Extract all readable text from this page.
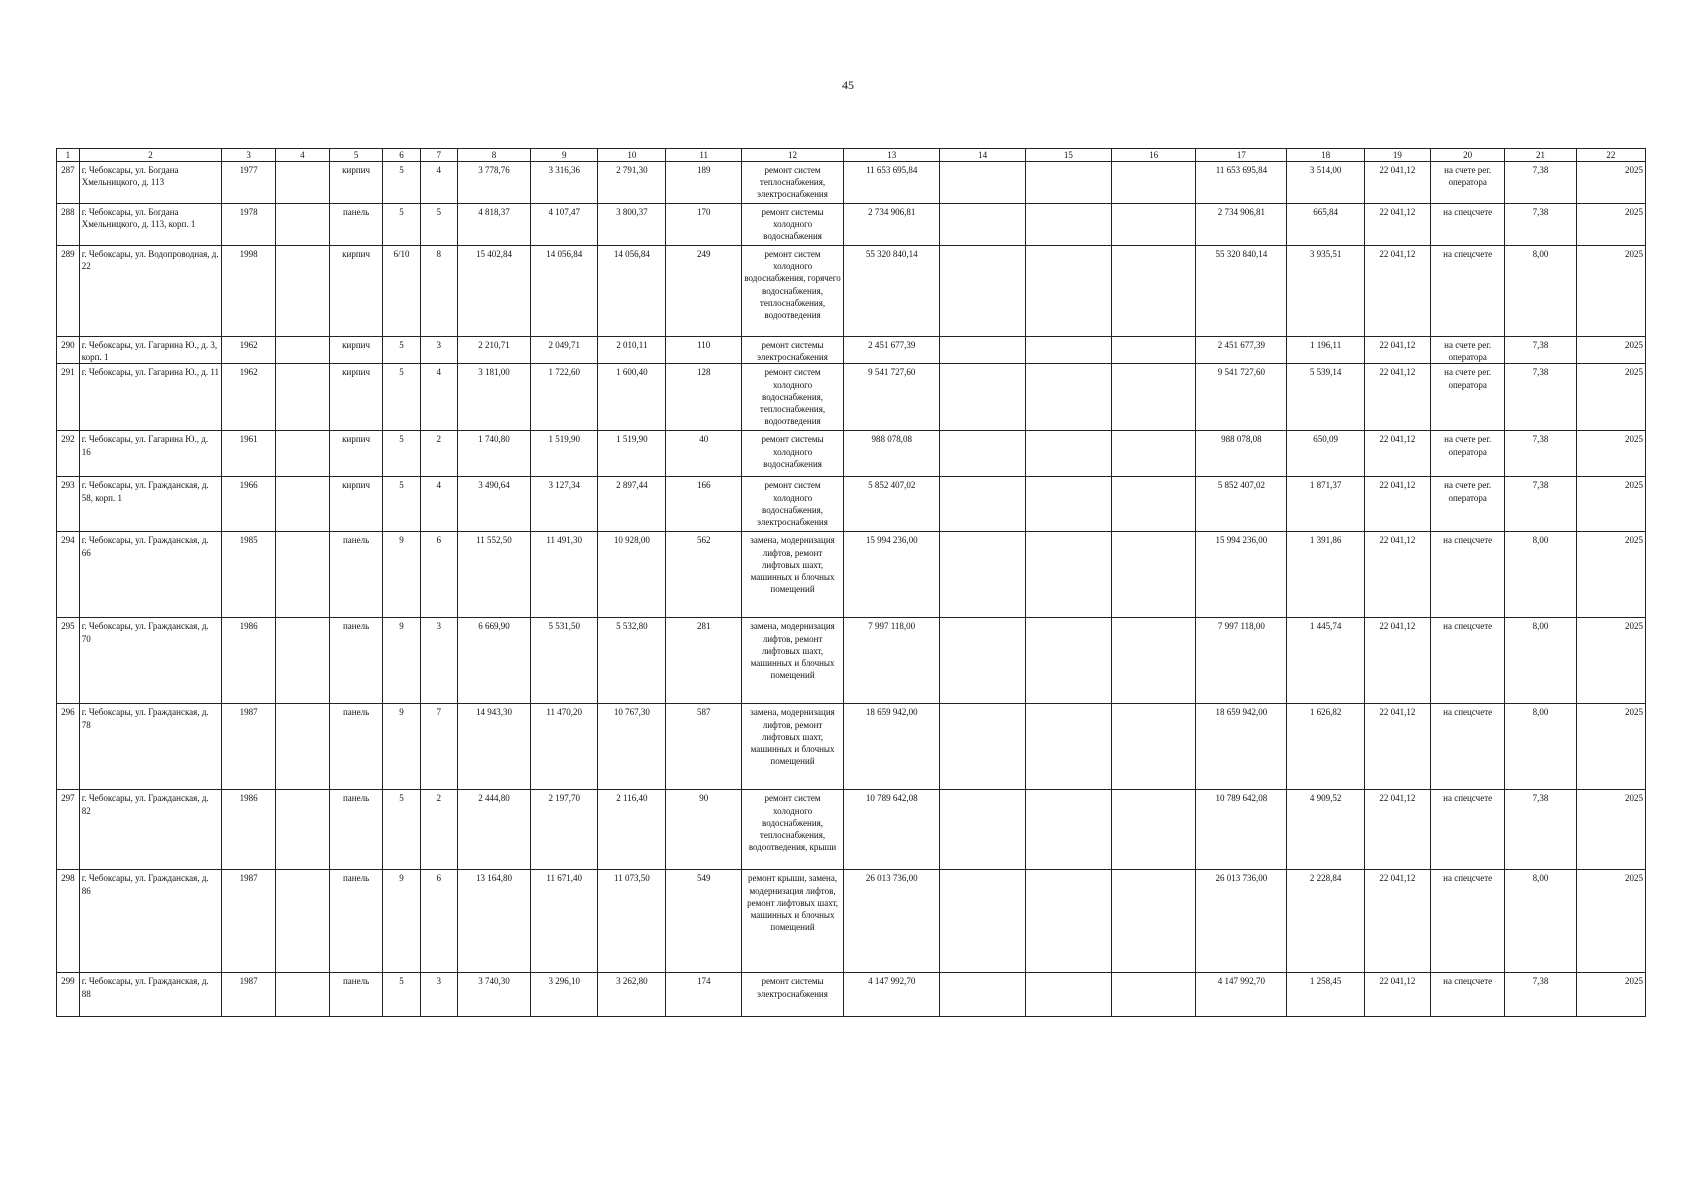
45
1	2	3	4	5	6	7	8	9	10	11	12	13	14	15	16	17	18	19	20	21	22
287	г. Чебоксары, ул. Богдана Хмельницкого, д. 113	1977		кирпич	5	4	3 778,76	3 316,36	2 791,30	189	ремонт систем теплоснабжения, электроснабжения	11 653 695,84				11 653 695,84	3 514,00	22 041,12	на счете рег. оператора	7,38	2025
288	г. Чебоксары, ул. Богдана Хмельницкого, д. 113, корп. 1	1978		панель	5	5	4 818,37	4 107,47	3 800,37	170	ремонт системы холодного водоснабжения	2 734 906,81				2 734 906,81	665,84	22 041,12	на спецсчете	7,38	2025
289	г. Чебоксары, ул. Водопроводная, д. 22	1998		кирпич	6/10	8	15 402,84	14 056,84	14 056,84	249	ремонт систем холодного водоснабжения, горячего водоснабжения, теплоснабжения, водоотведения	55 320 840,14				55 320 840,14	3 935,51	22 041,12	на спецсчете	8,00	2025
290	г. Чебоксары, ул. Гагарина Ю., д. 3, корп. 1	1962		кирпич	5	3	2 210,71	2 049,71	2 010,11	110	ремонт системы электроснабжения	2 451 677,39				2 451 677,39	1 196,11	22 041,12	на счете рег. оператора	7,38	2025
291	г. Чебоксары, ул. Гагарина Ю., д. 11	1962		кирпич	5	4	3 181,00	1 722,60	1 600,40	128	ремонт систем холодного водоснабжения, теплоснабжения, водоотведения	9 541 727,60				9 541 727,60	5 539,14	22 041,12	на счете рег. оператора	7,38	2025
292	г. Чебоксары, ул. Гагарина Ю., д. 16	1961		кирпич	5	2	1 740,80	1 519,90	1 519,90	40	ремонт системы холодного водоснабжения	988 078,08				988 078,08	650,09	22 041,12	на счете рег. оператора	7,38	2025
293	г. Чебоксары, ул. Гражданская, д. 58, корп. 1	1966		кирпич	5	4	3 490,64	3 127,34	2 897,44	166	ремонт систем холодного водоснабжения, электроснабжения	5 852 407,02				5 852 407,02	1 871,37	22 041,12	на счете рег. оператора	7,38	2025
294	г. Чебоксары, ул. Гражданская, д. 66	1985		панель	9	6	11 552,50	11 491,30	10 928,00	562	замена, модернизация лифтов, ремонт лифтовых шахт, машинных и блочных помещений	15 994 236,00				15 994 236,00	1 391,86	22 041,12	на спецсчете	8,00	2025
295	г. Чебоксары, ул. Гражданская, д. 70	1986		панель	9	3	6 669,90	5 531,50	5 532,80	281	замена, модернизация лифтов, ремонт лифтовых шахт, машинных и блочных помещений	7 997 118,00				7 997 118,00	1 445,74	22 041,12	на спецсчете	8,00	2025
296	г. Чебоксары, ул. Гражданская, д. 78	1987		панель	9	7	14 943,30	11 470,20	10 767,30	587	замена, модернизация лифтов, ремонт лифтовых шахт, машинных и блочных помещений	18 659 942,00				18 659 942,00	1 626,82	22 041,12	на спецсчете	8,00	2025
297	г. Чебоксары, ул. Гражданская, д. 82	1986		панель	5	2	2 444,80	2 197,70	2 116,40	90	ремонт систем холодного водоснабжения, теплоснабжения, водоотведения, крыши	10 789 642,08				10 789 642,08	4 909,52	22 041,12	на спецсчете	7,38	2025
298	г. Чебоксары, ул. Гражданская, д. 86	1987		панель	9	6	13 164,80	11 671,40	11 073,50	549	ремонт крыши, замена, модернизация лифтов, ремонт лифтовых шахт, машинных и блочных помещений	26 013 736,00				26 013 736,00	2 228,84	22 041,12	на спецсчете	8,00	2025
299	г. Чебоксары, ул. Гражданская, д. 88	1987		панель	5	3	3 740,30	3 296,10	3 262,80	174	ремонт системы электроснабжения	4 147 992,70				4 147 992,70	1 258,45	22 041,12	на спецсчете	7,38	2025
